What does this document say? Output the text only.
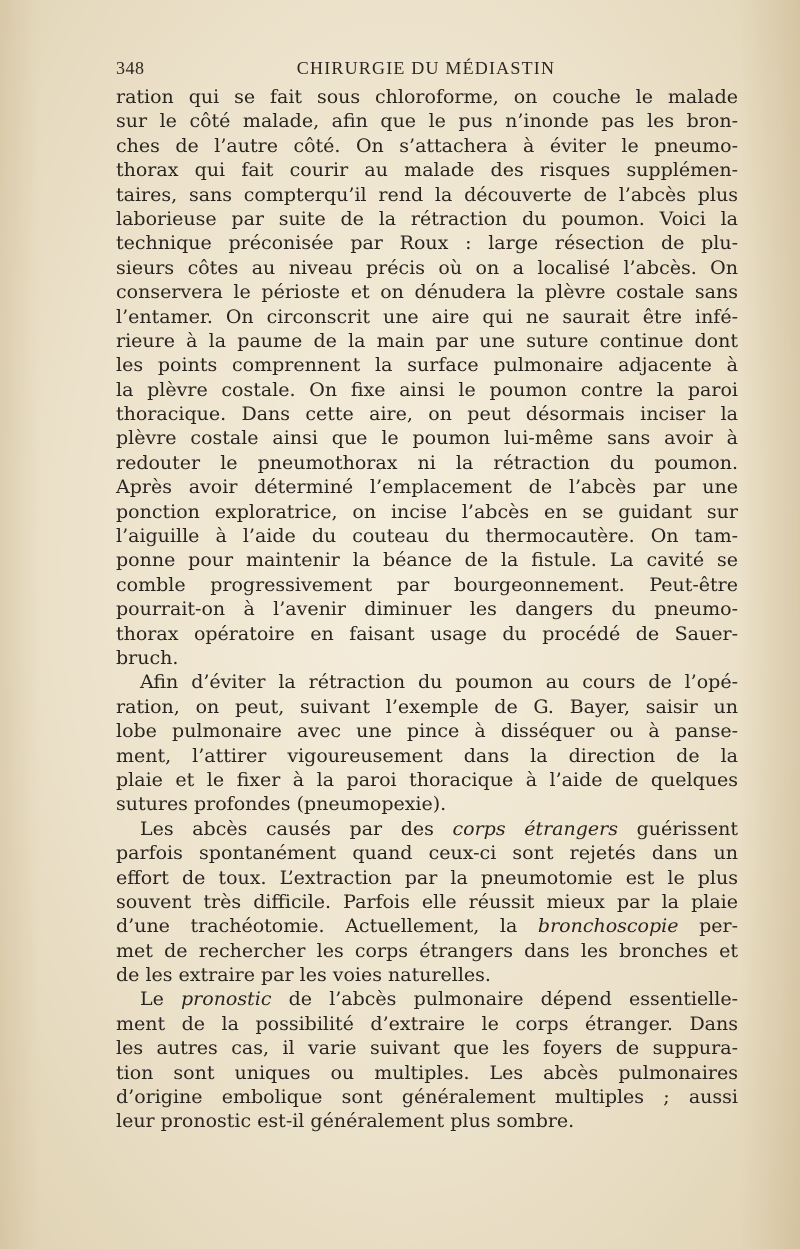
348	CHIRURGIE DU MÉDIASTIN
ration qui se fait sous chloroforme, on couche le malade
sur le côté malade, afin que le pus n’inonde pas les bron-
ches de l’autre côté. On s’attachera à éviter le pneumo-
thorax qui fait courir au malade des risques supplémen-
taires, sans compterqu’il rend la découverte de l’abcès plus
laborieuse par suite de la rétraction du poumon. Voici la
technique préconisée par Roux : large résection de plu-
sieurs côtes au niveau précis où on a localisé l’abcès. On
conservera le périoste et on dénudera la plèvre costale sans
l’entamer. On circonscrit une aire qui ne saurait être infé-
rieure à la paume de la main par une suture continue dont
les points comprennent la surface pulmonaire adjacente à
la plèvre costale. On fixe ainsi le poumon contre la paroi
thoracique. Dans cette aire, on peut désormais inciser la
plèvre costale ainsi que le poumon lui-même sans avoir à
redouter le pneumothorax ni la rétraction du poumon.
Après avoir déterminé l’emplacement de l’abcès par une
ponction exploratrice, on incise l’abcès en se guidant sur
l’aiguille à l’aide du couteau du thermocautère. On tam-
ponne pour maintenir la béance de la fistule. La cavité se
comble progressivement par bourgeonnement. Peut-être
pourrait-on à l’avenir diminuer les dangers du pneumo-
thorax opératoire en faisant usage du procédé de Sauer-
bruch.
Afin d’éviter la rétraction du poumon au cours de l’opé-
ration, on peut, suivant l’exemple de G. Bayer, saisir un
lobe pulmonaire avec une pince à disséquer ou à panse-
ment, l’attirer vigoureusement dans la direction de la
plaie et le fixer à la paroi thoracique à l’aide de quelques
sutures profondes (pneumopexie).
Les abcès causés par des corps étrangers guérissent
parfois spontanément quand ceux-ci sont rejetés dans un
effort de toux. L’extraction par la pneumotomie est le plus
souvent très difficile. Parfois elle réussit mieux par la plaie
d’une trachéotomie. Actuellement, la bronchoscopie per-
met de rechercher les corps étrangers dans les bronches et
de les extraire par les voies naturelles.
Le pronostic de l’abcès pulmonaire dépend essentielle-
ment de la possibilité d’extraire le corps étranger. Dans
les autres cas, il varie suivant que les foyers de suppura-
tion sont uniques ou multiples. Les abcès pulmonaires
d’origine embolique sont généralement multiples ; aussi
leur pronostic est-il généralement plus sombre.
